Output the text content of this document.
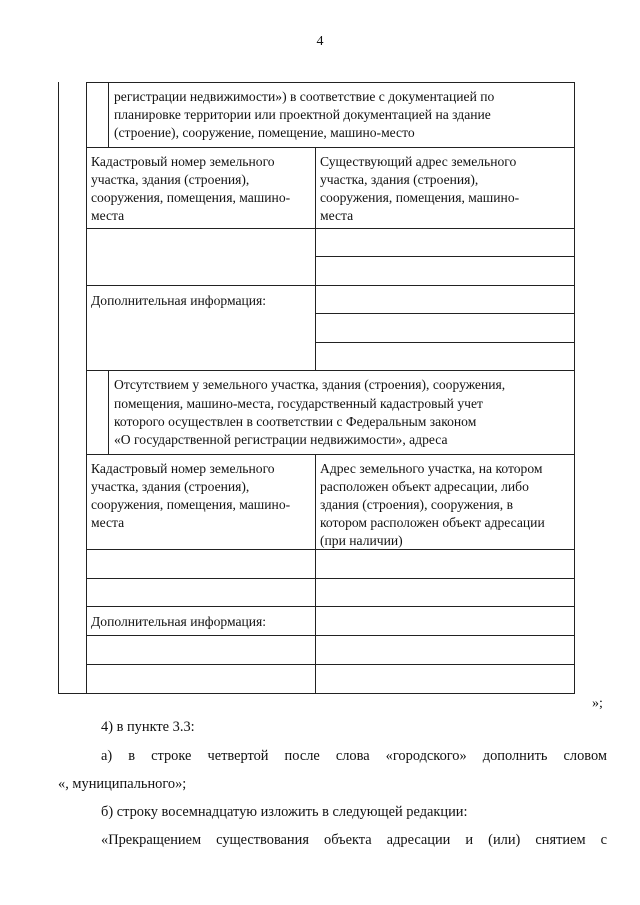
4
регистрации недвижимости») в соответствие с документацией по
планировке территории или проектной документацией на здание
(строение), сооружение, помещение, машино-место
Кадастровый номер земельного
участка, здания (строения),
сооружения, помещения, машино-
места
Существующий адрес земельного
участка, здания (строения),
сооружения, помещения, машино-
места
Дополнительная информация:
Отсутствием у земельного участка, здания (строения), сооружения,
помещения, машино-места, государственный кадастровый учет
которого осуществлен в соответствии с Федеральным законом
«О государственной регистрации недвижимости», адреса
Кадастровый номер земельного
участка, здания (строения),
сооружения, помещения, машино-
места
Адрес земельного участка, на котором
расположен объект адресации, либо
здания (строения), сооружения, в
котором расположен объект адресации
(при наличии)
Дополнительная информация:
»;
4) в пункте 3.3:
а) в строке четвертой после слова «городского» дополнить словом
«, муниципального»;
б) строку восемнадцатую изложить в следующей редакции:
«Прекращением существования объекта адресации и (или) снятием с
